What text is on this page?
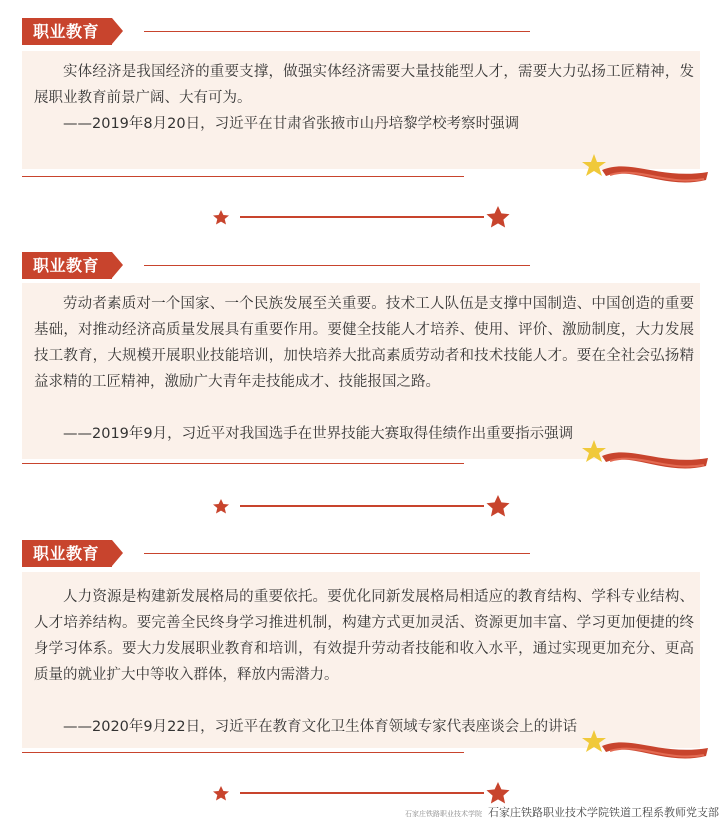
职业教育

实体经济是我国经济的重要支撑，做强实体经济需要大量技能型人才，需要大力弘扬工匠精神，发展职业教育前景广阔、大有可为。

——2019年8月20日，习近平在甘肃省张掖市山丹培黎学校考察时强调

职业教育

劳动者素质对一个国家、一个民族发展至关重要。技术工人队伍是支撑中国制造、中国创造的重要基础，对推动经济高质量发展具有重要作用。要健全技能人才培养、使用、评价、激励制度，大力发展技工教育，大规模开展职业技能培训，加快培养大批高素质劳动者和技术技能人才。要在全社会弘扬精益求精的工匠精神，激励广大青年走技能成才、技能报国之路。

——2019年9月，习近平对我国选手在世界技能大赛取得佳绩作出重要指示强调

职业教育

人力资源是构建新发展格局的重要依托。要优化同新发展格局相适应的教育结构、学科专业结构、人才培养结构。要完善全民终身学习推进机制，构建方式更加灵活、资源更加丰富、学习更加便捷的终身学习体系。要大力发展职业教育和培训，有效提升劳动者技能和收入水平，通过实现更加充分、更高质量的就业扩大中等收入群体，释放内需潜力。

——2020年9月22日，习近平在教育文化卫生体育领域专家代表座谈会上的讲话

石家庄铁路职业技术学院 石家庄铁路职业技术学院铁道工程系教师党支部
